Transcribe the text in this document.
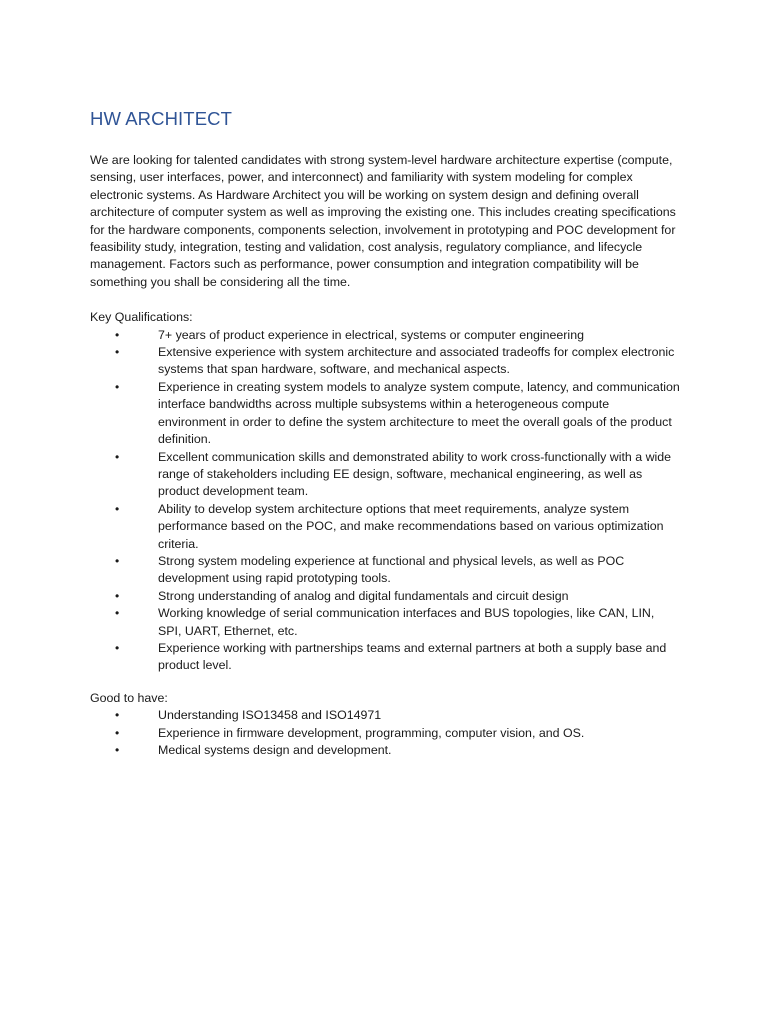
HW ARCHITECT

We are looking for talented candidates with strong system-level hardware architecture expertise (compute, sensing, user interfaces, power, and interconnect) and familiarity with system modeling for complex electronic systems. As Hardware Architect you will be working on system design and defining overall architecture of computer system as well as improving the existing one. This includes creating specifications for the hardware components, components selection, involvement in prototyping and POC development for feasibility study, integration, testing and validation, cost analysis, regulatory compliance, and lifecycle management. Factors such as performance, power consumption and integration compatibility will be something you shall be considering all the time.

Key Qualifications:

•	7+ years of product experience in electrical, systems or computer engineering
•	Extensive experience with system architecture and associated tradeoffs for complex electronic systems that span hardware, software, and mechanical aspects.
•	Experience in creating system models to analyze system compute, latency, and communication interface bandwidths across multiple subsystems within a heterogeneous compute environment in order to define the system architecture to meet the overall goals of the product definition.
•	Excellent communication skills and demonstrated ability to work cross-functionally with a wide range of stakeholders including EE design, software, mechanical engineering, as well as product development team.
•	Ability to develop system architecture options that meet requirements, analyze system performance based on the POC, and make recommendations based on various optimization criteria.
•	Strong system modeling experience at functional and physical levels, as well as POC development using rapid prototyping tools.
•	Strong understanding of analog and digital fundamentals and circuit design
•	Working knowledge of serial communication interfaces and BUS topologies, like CAN, LIN, SPI, UART, Ethernet, etc.
•	Experience working with partnerships teams and external partners at both a supply base and product level.

Good to have:

•	Understanding ISO13458 and ISO14971
•	Experience in firmware development, programming, computer vision, and OS.
•	Medical systems design and development.
